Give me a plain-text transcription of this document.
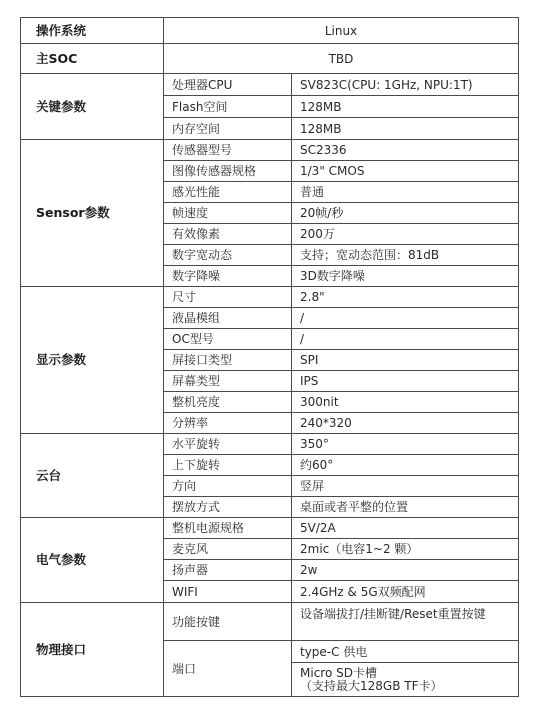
操作系统	Linux	
主SOC	TBD	
关键参数	处理器CPU	SV823C(CPU: 1GHz, NPU:1T)
	Flash空间	128MB
	内存空间	128MB
Sensor参数	传感器型号	SC2336
	图像传感器规格	1/3" CMOS
	感光性能	普通
	帧速度	20帧/秒
	有效像素	200万
	数字宽动态	支持；宽动态范围：81dB
	数字降噪	3D数字降噪
显示参数	尺寸	2.8"
	液晶模组	/
	OC型号	/
	屏接口类型	SPI
	屏幕类型	IPS
	整机亮度	300nit
	分辨率	240*320
云台	水平旋转	350°
	上下旋转	约60°
	方向	竖屏
	摆放方式	桌面或者平整的位置
电气参数	整机电源规格	5V/2A
	麦克风	2mic（电容1~2 颗）
	扬声器	2w
	WIFI	2.4GHz & 5G双频配网
物理接口	功能按键	设备端拔打/挂断键/Reset重置按键
	端口	type-C 供电

		Micro SD卡槽
（支持最大128GB TF卡）
